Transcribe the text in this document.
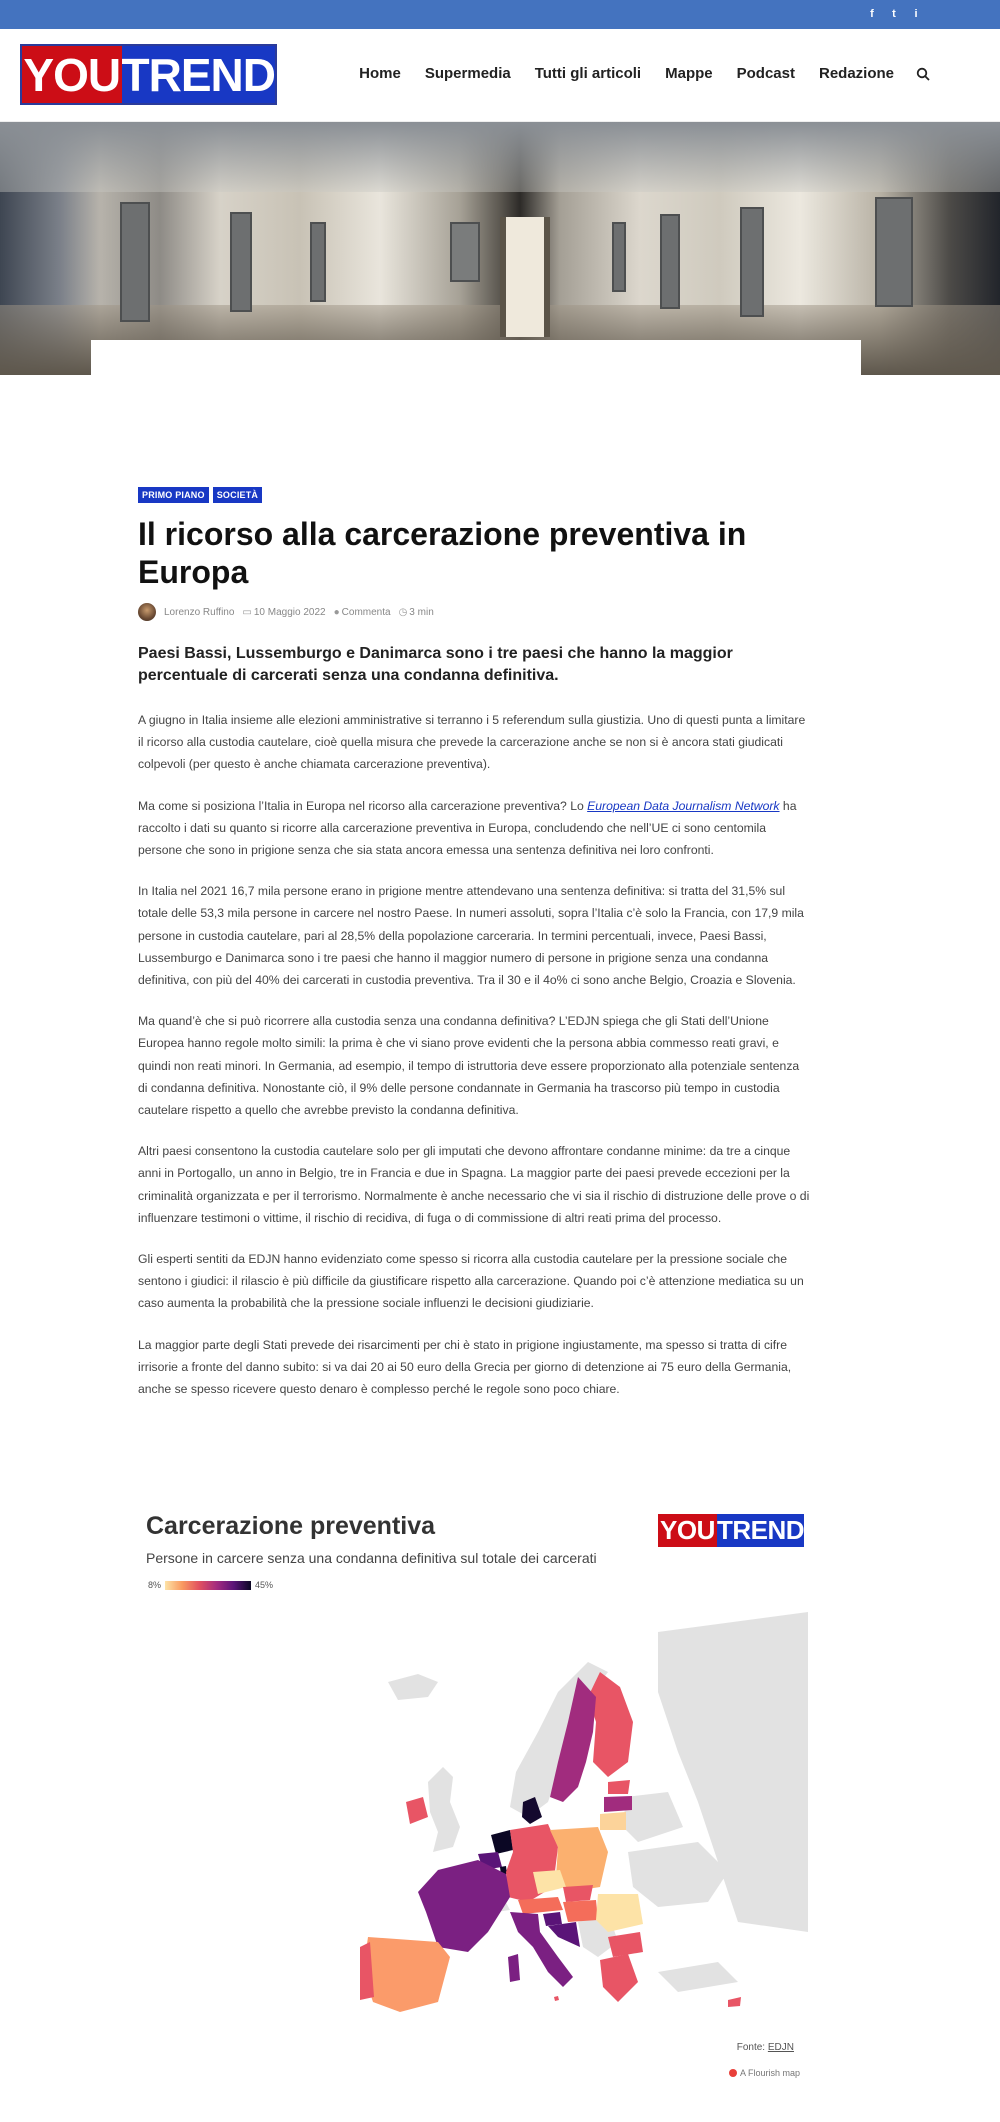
f	t	i
YOU TREND	Home Supermedia Tutti gli articoli Mappe Podcast Redazione
PRIMO PIANO	SOCIETÀ
Il ricorso alla carcerazione preventiva in Europa
Lorenzo Ruffino ▭ 10 Maggio 2022 ● Commenta ◷ 3 min

Paesi Bassi, Lussemburgo e Danimarca sono i tre paesi che hanno la maggior percentuale di carcerati senza una condanna definitiva.

A giugno in Italia insieme alle elezioni amministrative si terranno i 5 referendum sulla giustizia. Uno di questi punta a limitare il ricorso alla custodia cautelare, cioè quella misura che prevede la carcerazione anche se non si è ancora stati giudicati colpevoli (per questo è anche chiamata carcerazione preventiva).

Ma come si posiziona l’Italia in Europa nel ricorso alla carcerazione preventiva? Lo European Data Journalism Network ha raccolto i dati su quanto si ricorre alla carcerazione preventiva in Europa, concludendo che nell’UE ci sono centomila persone che sono in prigione senza che sia stata ancora emessa una sentenza definitiva nei loro confronti.

In Italia nel 2021 16,7 mila persone erano in prigione mentre attendevano una sentenza definitiva: si tratta del 31,5% sul totale delle 53,3 mila persone in carcere nel nostro Paese. In numeri assoluti, sopra l’Italia c’è solo la Francia, con 17,9 mila persone in custodia cautelare, pari al 28,5% della popolazione carceraria. In termini percentuali, invece, Paesi Bassi, Lussemburgo e Danimarca sono i tre paesi che hanno il maggior numero di persone in prigione senza una condanna definitiva, con più del 40% dei carcerati in custodia preventiva. Tra il 30 e il 4o% ci sono anche Belgio, Croazia e Slovenia.

Ma quand’è che si può ricorrere alla custodia senza una condanna definitiva? L’EDJN spiega che gli Stati dell’Unione Europea hanno regole molto simili: la prima è che vi siano prove evidenti che la persona abbia commesso reati gravi, e quindi non reati minori. In Germania, ad esempio, il tempo di istruttoria deve essere proporzionato alla potenziale sentenza di condanna definitiva. Nonostante ciò, il 9% delle persone condannate in Germania ha trascorso più tempo in custodia cautelare rispetto a quello che avrebbe previsto la condanna definitiva.

Altri paesi consentono la custodia cautelare solo per gli imputati che devono affrontare condanne minime: da tre a cinque anni in Portogallo, un anno in Belgio, tre in Francia e due in Spagna. La maggior parte dei paesi prevede eccezioni per la criminalità organizzata e per il terrorismo. Normalmente è anche necessario che vi sia il rischio di distruzione delle prove o di influenzare testimoni o vittime, il rischio di recidiva, di fuga o di commissione di altri reati prima del processo.

Gli esperti sentiti da EDJN hanno evidenziato come spesso si ricorra alla custodia cautelare per la pressione sociale che sentono i giudici: il rilascio è più difficile da giustificare rispetto alla carcerazione. Quando poi c’è attenzione mediatica su un caso aumenta la probabilità che la pressione sociale influenzi le decisioni giudiziarie.

La maggior parte degli Stati prevede dei risarcimenti per chi è stato in prigione ingiustamente, ma spesso si tratta di cifre irrisorie a fronte del danno subito: si va dai 20 ai 50 euro della Grecia per giorno di detenzione ai 75 euro della Germania, anche se spesso ricevere questo denaro è complesso perché le regole sono poco chiare.

Carcerazione preventiva
Persone in carcere senza una condanna definitiva sul totale dei carcerati
8%	45%
YOU TREND
Fonte: EDJN
A Flourish map
